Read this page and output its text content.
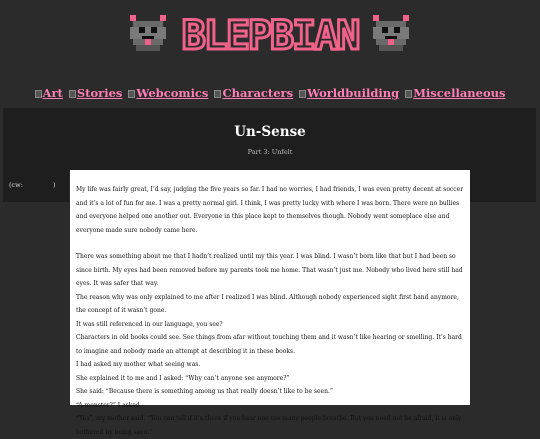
BLEPBIAN
Art Stories Webcomics Characters Worldbuilding Miscellaneous
Un-Sense
Part 3: Unfelt
(cw:	)

My life was fairly great, I’d say, judging the five years so far. I had no worries, I had friends, I was even pretty decent at soccer and it’s a lot of fun for me. I was a pretty normal girl. I think, I was pretty lucky with where I was born. There were no bullies and everyone helped one another out. Everyone in this place kept to themselves though. Nobody went someplace else and everyone made sure nobody came here.

There was something about me that I hadn’t realized until my this year. I was blind. I wasn’t born like that but I had been so since birth. My eyes had been removed before my parents took me home. That wasn’t just me. Nobody who lived here still had eyes. It was safer that way.

The reason why was only explained to me after I realized I was blind. Although nobody experienced sight first hand anymore, the concept of it wasn’t gone.

It was still referenced in our language, you see?

Characters in old books could see. See things from afar without touching them and it wasn’t like hearing or smelling. It’s hard to imagine and nobody made an attempt at describing it in these books.

I had asked my mother what seeing was.

She explained it to me and I asked: “Why can’t anyone see anymore?”

She said: “Because there is something among us that really doesn’t like to be seen.”

“A monster?” I asked.

“Yes”, my mother said, “You can tell if it’s there if you hear one too many people breathe. But you need not be afraid, it is only bothered by being seen.”
